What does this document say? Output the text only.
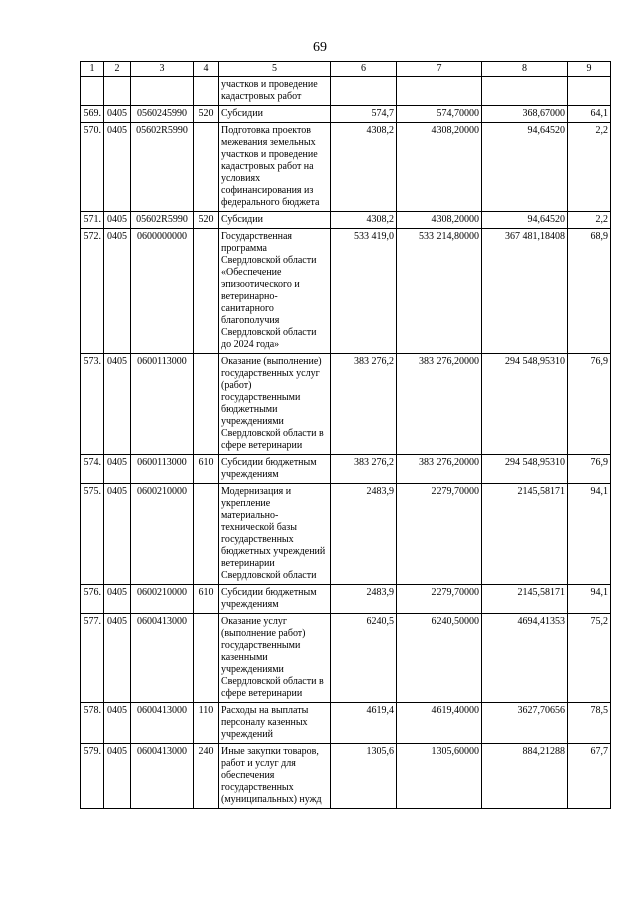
69
1	2	3	4	5	6	7	8	9
				участков и проведение кадастровых работ				
569.	0405	0560245990	520	Субсидии	574,7	574,70000	368,67000	64,1
570.	0405	05602R5990		Подготовка проектов межевания земельных участков и проведение кадастровых работ на условиях софинансирования из федерального бюджета	4308,2	4308,20000	94,64520	2,2
571.	0405	05602R5990	520	Субсидии	4308,2	4308,20000	94,64520	2,2
572.	0405	0600000000		Государственная программа Свердловской области «Обеспечение эпизоотического и ветеринарно-санитарного благополучия Свердловской области до 2024 года»	533 419,0	533 214,80000	367 481,18408	68,9
573.	0405	0600113000		Оказание (выполнение) государственных услуг (работ) государственными бюджетными учреждениями Свердловской области в сфере ветеринарии	383 276,2	383 276,20000	294 548,95310	76,9
574.	0405	0600113000	610	Субсидии бюджетным учреждениям	383 276,2	383 276,20000	294 548,95310	76,9
575.	0405	0600210000		Модернизация и укрепление материально-технической базы государственных бюджетных учреждений ветеринарии Свердловской области	2483,9	2279,70000	2145,58171	94,1
576.	0405	0600210000	610	Субсидии бюджетным учреждениям	2483,9	2279,70000	2145,58171	94,1
577.	0405	0600413000		Оказание услуг (выполнение работ) государственными казенными учреждениями Свердловской области в сфере ветеринарии	6240,5	6240,50000	4694,41353	75,2
578.	0405	0600413000	110	Расходы на выплаты персоналу казенных учреждений	4619,4	4619,40000	3627,70656	78,5
579.	0405	0600413000	240	Иные закупки товаров, работ и услуг для обеспечения государственных (муниципальных) нужд	1305,6	1305,60000	884,21288	67,7
